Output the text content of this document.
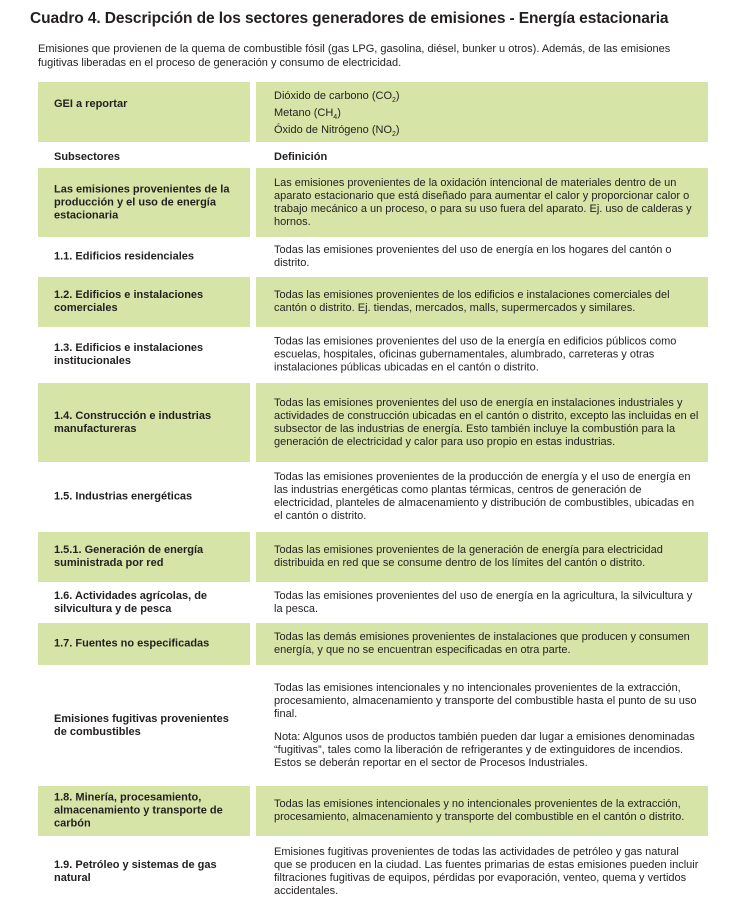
Cuadro 4. Descripción de los sectores generadores de emisiones - Energía estacionaria
Emisiones que provienen de la quema de combustible fósil (gas LPG, gasolina, diésel, bunker u otros). Además, de las emisiones fugitivas liberadas en el proceso de generación y consumo de electricidad.
GEI a reportar
Dióxido de carbono $(CO_2)$
Metano $(CH_4)$
Óxido de Nitrógeno $(NO_2)$
Subsectores	Definición
Las emisiones provenientes de la producción y el uso de energía estacionaria
Las emisiones provenientes de la oxidación intencional de materiales dentro de un aparato estacionario que está diseñado para aumentar el calor y proporcionar calor o trabajo mecánico a un proceso, o para su uso fuera del aparato. Ej. uso de calderas y hornos.
1.1. Edificios residenciales
Todas las emisiones provenientes del uso de energía en los hogares del cantón o distrito.
1.2. Edificios e instalaciones comerciales
Todas las emisiones provenientes de los edificios e instalaciones comerciales del cantón o distrito. Ej. tiendas, mercados, malls, supermercados y similares.
1.3. Edificios e instalaciones institucionales
Todas las emisiones provenientes del uso de la energía en edificios públicos como escuelas, hospitales, oficinas gubernamentales, alumbrado, carreteras y otras instalaciones públicas ubicadas en el cantón o distrito.
1.4. Construcción e industrias manufactureras
Todas las emisiones provenientes del uso de energía en instalaciones industriales y actividades de construcción ubicadas en el cantón o distrito, excepto las incluidas en el subsector de las industrias de energía. Esto también incluye la combustión para la generación de electricidad y calor para uso propio en estas industrias.
1.5. Industrias energéticas
Todas las emisiones provenientes de la producción de energía y el uso de energía en las industrias energéticas como plantas térmicas, centros de generación de electricidad, planteles de almacenamiento y distribución de combustibles, ubicadas en el cantón o distrito.
1.5.1. Generación de energía suministrada por red
Todas las emisiones provenientes de la generación de energía para electricidad distribuida en red que se consume dentro de los límites del cantón o distrito.
1.6. Actividades agrícolas, de silvicultura y de pesca
Todas las emisiones provenientes del uso de energía en la agricultura, la silvicultura y la pesca.
1.7. Fuentes no especificadas
Todas las demás emisiones provenientes de instalaciones que producen y consumen energía, y que no se encuentran especificadas en otra parte.
Emisiones fugitivas provenientes de combustibles
Todas las emisiones intencionales y no intencionales provenientes de la extracción, procesamiento, almacenamiento y transporte del combustible hasta el punto de su uso final.
Nota: Algunos usos de productos también pueden dar lugar a emisiones denominadas “fugitivas”, tales como la liberación de refrigerantes y de extinguidores de incendios. Estos se deberán reportar en el sector de Procesos Industriales.
1.8. Minería, procesamiento, almacenamiento y transporte de carbón
Todas las emisiones intencionales y no intencionales provenientes de la extracción, procesamiento, almacenamiento y transporte del combustible en el cantón o distrito.
1.9. Petróleo y sistemas de gas natural
Emisiones fugitivas provenientes de todas las actividades de petróleo y gas natural que se producen en la ciudad. Las fuentes primarias de estas emisiones pueden incluir filtraciones fugitivas de equipos, pérdidas por evaporación, venteo, quema y vertidos accidentales.
